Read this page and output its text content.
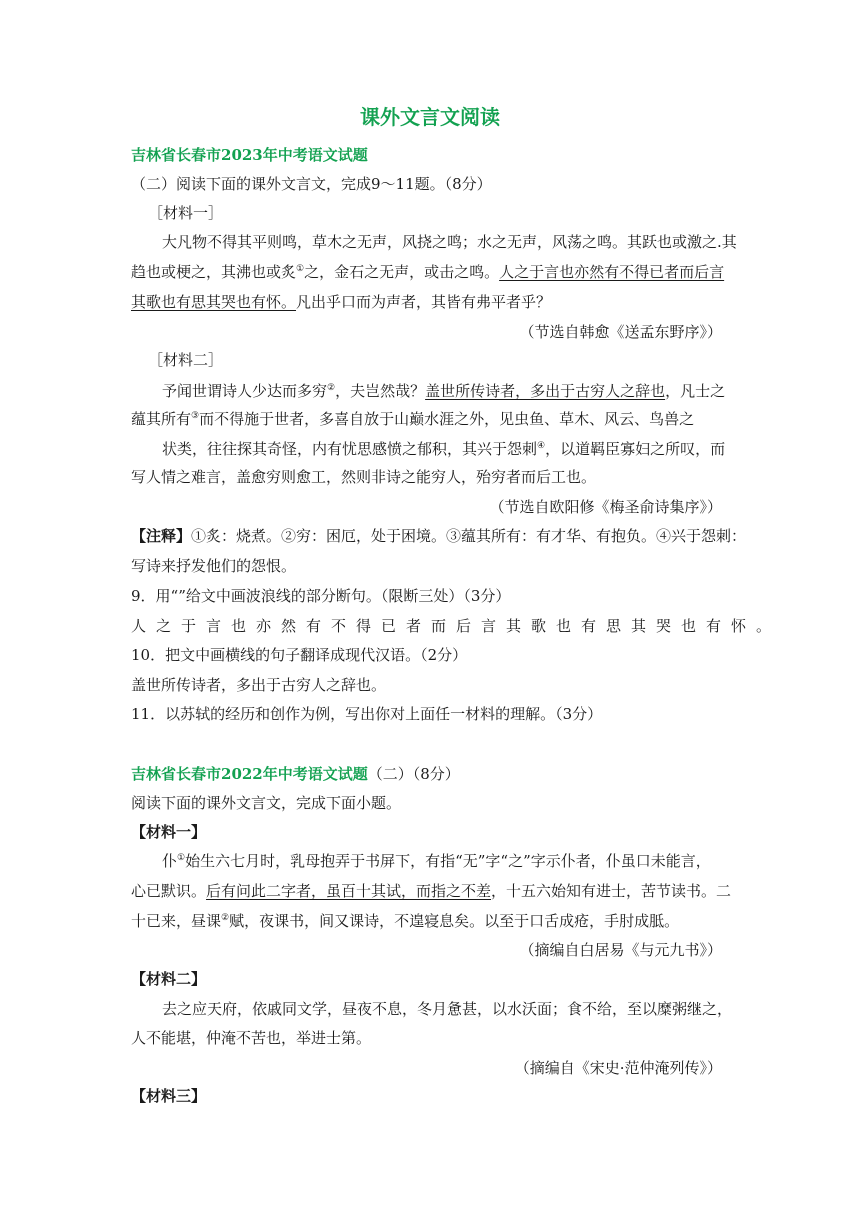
课外文言文阅读
吉林省长春市2023年中考语文试题
（二）阅读下面的课外文言文，完成9～11题。（8分）
［材料一］
大凡物不得其平则鸣，草木之无声，风挠之鸣；水之无声，风荡之鸣。其跃也或激之.其
趋也或梗之，其沸也或炙①之，金石之无声，或击之鸣。人之于言也亦然有不得已者而后言
其歌也有思其哭也有怀。凡出乎口而为声者，其皆有弗平者乎？
（节选自韩愈《送孟东野序》）
［材料二］
予闻世谓诗人少达而多穷②，夫岂然哉？盖世所传诗者，多出于古穷人之辞也，凡士之
蕴其所有③而不得施于世者，多喜自放于山巅水涯之外，见虫鱼、草木、风云、鸟兽之
状类，往往探其奇怪，内有忧思感愤之郁积，其兴于怨刺④，以道羁臣寡妇之所叹，而
写人情之难言，盖愈穷则愈工，然则非诗之能穷人，殆穷者而后工也。
（节选自欧阳修《梅圣俞诗集序》）
【注释】①炙：烧煮。②穷：困厄，处于困境。③蕴其所有：有才华、有抱负。④兴于怨刺：
写诗来抒发他们的怨恨。
9．用“”给文中画波浪线的部分断句。（限断三处）（3分）
人之于言也亦然有不得已者而后言其歌也有思其哭也有怀。
10．把文中画横线的句子翻译成现代汉语。（2分）
盖世所传诗者，多出于古穷人之辞也。
11．以苏轼的经历和创作为例，写出你对上面任一材料的理解。（3分）
吉林省长春市2022年中考语文试题（二）（8分）
阅读下面的课外文言文，完成下面小题。
【材料一】
仆①始生六七月时，乳母抱弄于书屏下，有指“无”字“之”字示仆者，仆虽口未能言，
心已默识。后有问此二字者，虽百十其试，而指之不差，十五六始知有进士，苦节读书。二
十已来，昼课②赋，夜课书，间又课诗，不遑寝息矣。以至于口舌成疮，手肘成胝。
（摘编自白居易《与元九书》）
【材料二】
去之应天府，依戚同文学，昼夜不息，冬月惫甚，以水沃面；食不给，至以糜粥继之，
人不能堪，仲淹不苦也，举进士第。
（摘编自《宋史·范仲淹列传》）
【材料三】
